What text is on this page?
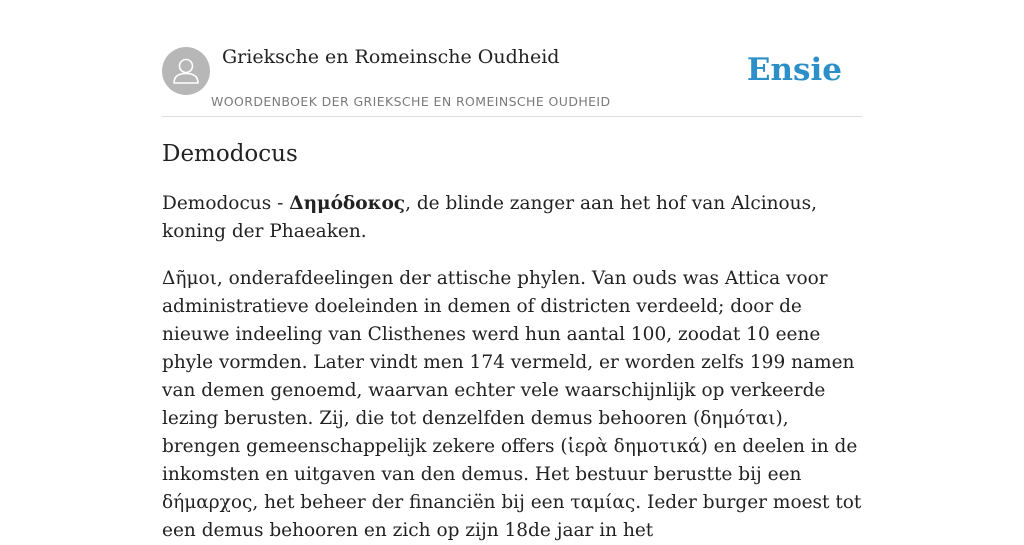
Grieksche en Romeinsche Oudheid
WOORDENBOEK DER GRIEKSCHE EN ROMEINSCHE OUDHEID
Ensie
Demodocus

Demodocus - Δημόδοκος, de blinde zanger aan het hof van Alcinous, koning der Phaeaken.

Δῆμοι, onderafdeelingen der attische phylen. Van ouds was Attica voor administratieve doeleinden in demen of districten verdeeld; door de nieuwe indeeling van Clisthenes werd hun aantal 100, zoodat 10 eene phyle vormden. Later vindt men 174 vermeld, er worden zelfs 199 namen van demen genoemd, waarvan echter vele waarschijnlijk op verkeerde lezing berusten. Zij, die tot denzelfden demus behooren (δημόται), brengen gemeenschappelijk zekere offers (ἱερὰ δημοτικά) en deelen in de inkomsten en uitgaven van den demus. Het bestuur berustte bij een δήμαρχος, het beheer der financiën bij een ταμίας. Ieder burger moest tot een demus behooren en zich op zijn 18de jaar in het
